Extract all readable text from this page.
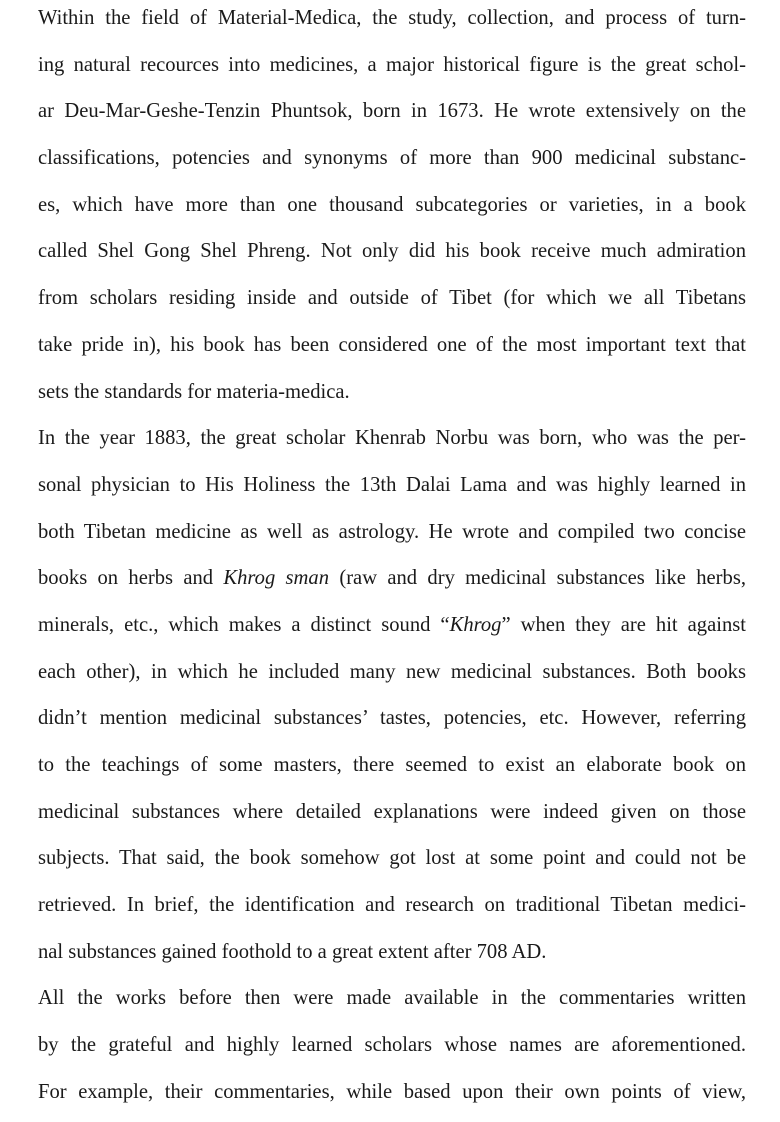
Within the field of Material-Medica, the study, collection, and process of turn-
ing natural recources into medicines, a major historical figure is the great schol-
ar Deu-Mar-Geshe-Tenzin Phuntsok, born in 1673. He wrote extensively on the
classifications, potencies and synonyms of more than 900 medicinal substanc-
es, which have more than one thousand subcategories or varieties, in a book
called Shel Gong Shel Phreng. Not only did his book receive much admiration
from scholars residing inside and outside of Tibet (for which we all Tibetans
take pride in), his book has been considered one of the most important text that
sets the standards for materia-medica.
In the year 1883, the great scholar Khenrab Norbu was born, who was the per-
sonal physician to His Holiness the 13th Dalai Lama and was highly learned in
both Tibetan medicine as well as astrology. He wrote and compiled two concise
books on herbs and Khrog sman (raw and dry medicinal substances like herbs,
minerals, etc., which makes a distinct sound “Khrog” when they are hit against
each other), in which he included many new medicinal substances. Both books
didn’t mention medicinal substances’ tastes, potencies, etc. However, referring
to the teachings of some masters, there seemed to exist an elaborate book on
medicinal substances where detailed explanations were indeed given on those
subjects. That said, the book somehow got lost at some point and could not be
retrieved. In brief, the identification and research on traditional Tibetan medici-
nal substances gained foothold to a great extent after 708 AD.
All the works before then were made available in the commentaries written
by the grateful and highly learned scholars whose names are aforementioned.
For example, their commentaries, while based upon their own points of view,
